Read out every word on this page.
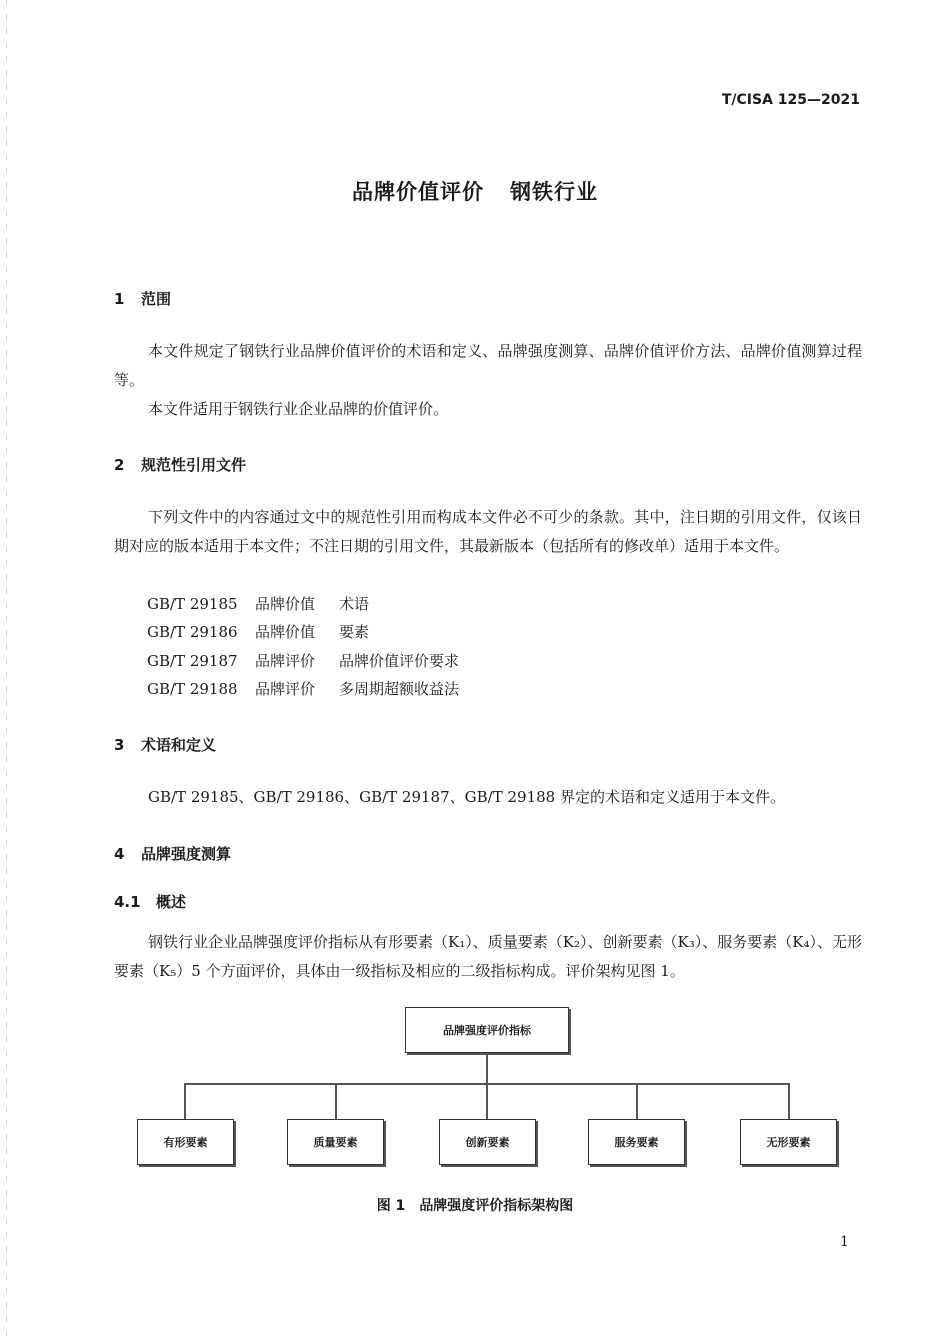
T/CISA 125—2021
品牌价值评价 钢铁行业
1 范围
本文件规定了钢铁行业品牌价值评价的术语和定义、品牌强度测算、品牌价值评价方法、品牌价值测算过程等。
本文件适用于钢铁行业企业品牌的价值评价。
2 规范性引用文件
下列文件中的内容通过文中的规范性引用而构成本文件必不可少的条款。其中，注日期的引用文件，仅该日期对应的版本适用于本文件；不注日期的引用文件，其最新版本（包括所有的修改单）适用于本文件。
GB/T 29185 品牌价值 术语
GB/T 29186 品牌价值 要素
GB/T 29187 品牌评价 品牌价值评价要求
GB/T 29188 品牌评价 多周期超额收益法
3 术语和定义
GB/T 29185、GB/T 29186、GB/T 29187、GB/T 29188 界定的术语和定义适用于本文件。
4 品牌强度测算
4.1 概述
钢铁行业企业品牌强度评价指标从有形要素（K₁）、质量要素（K₂）、创新要素（K₃）、服务要素（K₄）、无形要素（K₅）5 个方面评价，具体由一级指标及相应的二级指标构成。评价架构见图 1。
品牌强度评价指标
有形要素	质量要素	创新要素	服务要素	无形要素
图 1 品牌强度评价指标架构图
1
